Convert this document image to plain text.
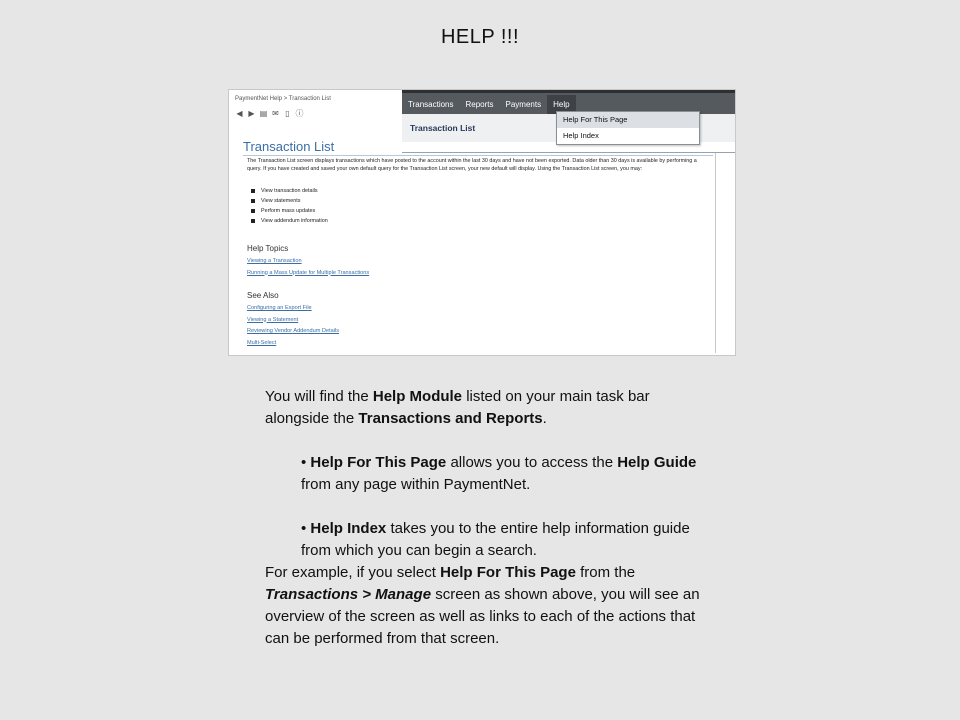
HELP !!!
PaymentNet Help > Transaction List
◀ ▶ ▤ ✉ ▯ ⓘ
Transaction List
The Transaction List screen displays transactions which have posted to the account within the last 30 days and have not been exported. Data older than 30 days is available by performing a query. If you have created and saved your own default query for the Transaction List screen, your new default will display. Using the Transaction List screen, you may:
View transaction details
View statements
Perform mass updates
View addendum information
Help Topics
Viewing a Transaction
Running a Mass Update for Multiple Transactions
See Also
Configuring an Export File
Viewing a Statement
Reviewing Vendor Addendum Details
Multi-Select
Transactions	Reports	Payments	Help
Transaction List
Help For This Page
Help Index

You will find the Help Module listed on your main task bar alongside the Transactions and Reports.

• Help For This Page allows you to access the Help Guide from any page within PaymentNet.

• Help Index takes you to the entire help information guide from which you can begin a search.

For example, if you select Help For This Page from the Transactions > Manage screen as shown above, you will see an overview of the screen as well as links to each of the actions that can be performed from that screen.
